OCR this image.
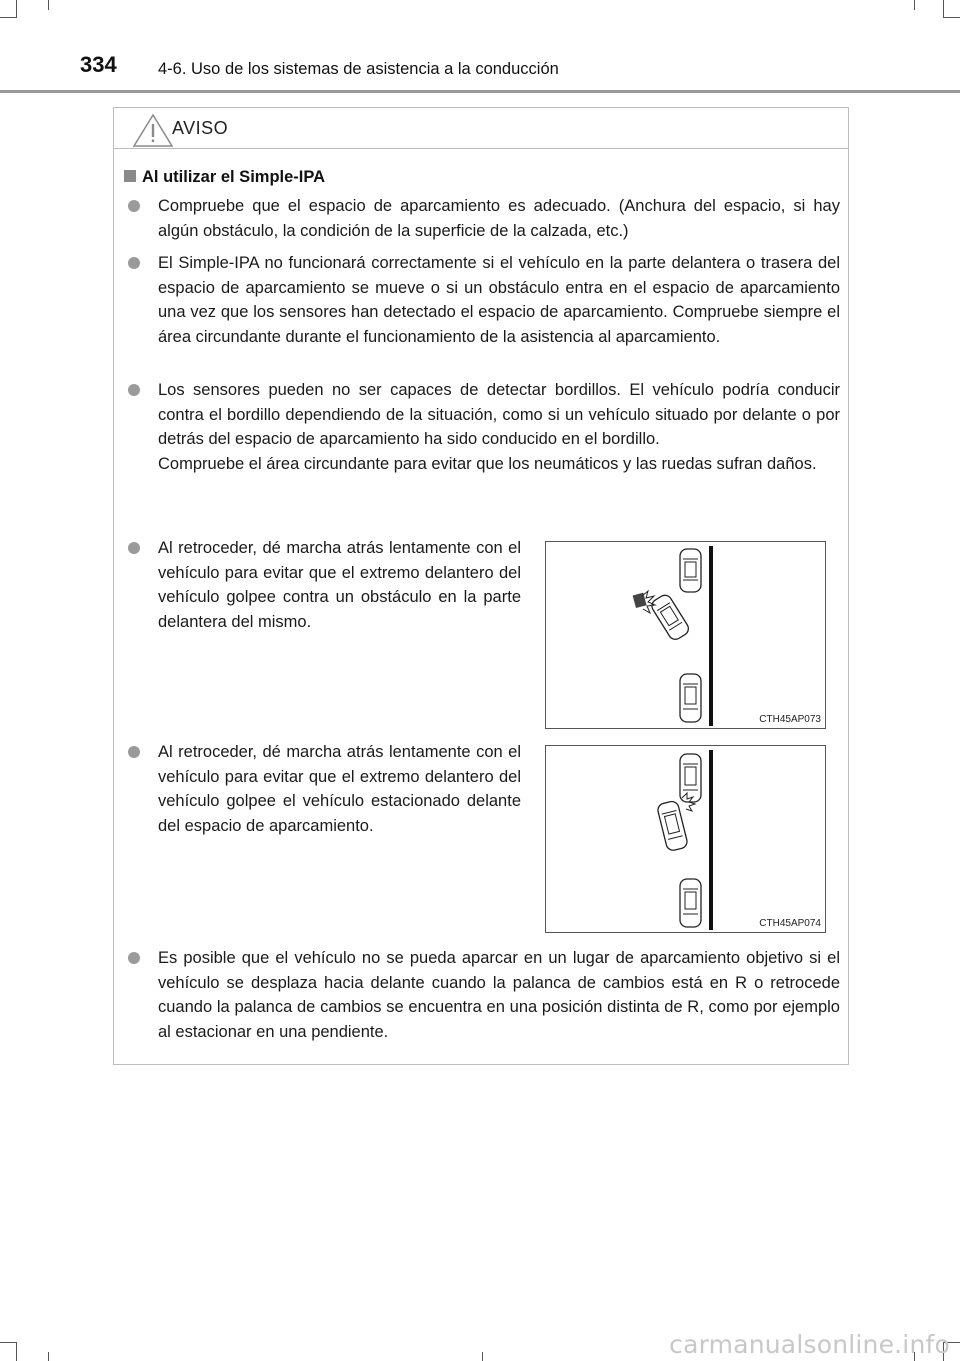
334	4-6. Uso de los sistemas de asistencia a la conducción
AVISO
Al utilizar el Simple-IPA
Compruebe que el espacio de aparcamiento es adecuado. (Anchura del espacio, si hay algún obstáculo, la condición de la superficie de la calzada, etc.)
El Simple-IPA no funcionará correctamente si el vehículo en la parte delantera o trasera del espacio de aparcamiento se mueve o si un obstáculo entra en el espacio de aparcamiento una vez que los sensores han detectado el espacio de aparcamiento. Compruebe siempre el área circundante durante el funcionamiento de la asistencia al aparcamiento.
Los sensores pueden no ser capaces de detectar bordillos. El vehículo podría conducir contra el bordillo dependiendo de la situación, como si un vehículo situado por delante o por detrás del espacio de aparcamiento ha sido conducido en el bordillo.
Compruebe el área circundante para evitar que los neumáticos y las ruedas sufran daños.
Al retroceder, dé marcha atrás lentamente con el vehículo para evitar que el extremo delantero del vehículo golpee contra un obstáculo en la parte delantera del mismo.
CTH45AP073
Al retroceder, dé marcha atrás lentamente con el vehículo para evitar que el extremo delantero del vehículo golpee el vehículo estacionado delante del espacio de aparcamiento.
CTH45AP074
Es posible que el vehículo no se pueda aparcar en un lugar de aparcamiento objetivo si el vehículo se desplaza hacia delante cuando la palanca de cambios está en R o retrocede cuando la palanca de cambios se encuentra en una posición distinta de R, como por ejemplo al estacionar en una pendiente.
carmanualsonline.info
